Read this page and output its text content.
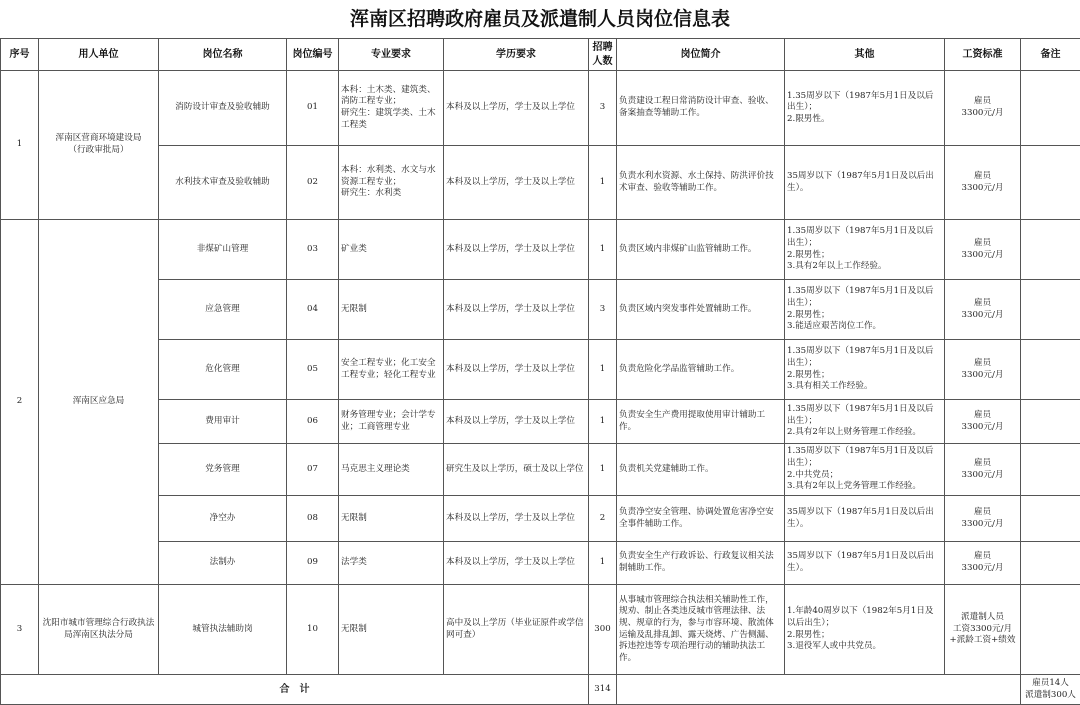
浑南区招聘政府雇员及派遣制人员岗位信息表
序号	用人单位	岗位名称	岗位编号	专业要求	学历要求	招聘人数	岗位简介	其他	工资标准	备注
1	浑南区营商环境建设局
（行政审批局）	消防设计审查及验收辅助	01	本科：土木类、建筑类、消防工程专业；
研究生：建筑学类、土木工程类	本科及以上学历，学士及以上学位	3	负责建设工程日常消防设计审查、验收、备案抽查等辅助工作。	1.35周岁以下（1987年5月1日及以后出生）；
2.限男性。	雇员
3300元/月	

		水利技术审查及验收辅助	02	本科：水利类、水文与水资源工程专业；
研究生：水利类	本科及以上学历，学士及以上学位	1	负责水利水资源、水土保持、防洪评价技术审查、验收等辅助工作。	35周岁以下（1987年5月1日及以后出生）。	雇员
3300元/月	

2	浑南区应急局	非煤矿山管理	03	矿业类	本科及以上学历，学士及以上学位	1	负责区域内非煤矿山监管辅助工作。	1.35周岁以下（1987年5月1日及以后出生）；
2.限男性；
3.具有2年以上工作经验。	雇员
3300元/月	

		应急管理	04	无限制	本科及以上学历，学士及以上学位	3	负责区域内突发事件处置辅助工作。	1.35周岁以下（1987年5月1日及以后出生）；
2.限男性；
3.能适应艰苦岗位工作。	雇员
3300元/月	

		危化管理	05	安全工程专业；化工安全工程专业；轻化工程专业	本科及以上学历，学士及以上学位	1	负责危险化学品监管辅助工作。	1.35周岁以下（1987年5月1日及以后出生）；
2.限男性；
3.具有相关工作经验。	雇员
3300元/月	

		费用审计	06	财务管理专业；会计学专业；工商管理专业	本科及以上学历，学士及以上学位	1	负责安全生产费用提取使用审计辅助工作。	1.35周岁以下（1987年5月1日及以后出生）；
2.具有2年以上财务管理工作经验。	雇员
3300元/月	

		党务管理	07	马克思主义理论类	研究生及以上学历，硕士及以上学位	1	负责机关党建辅助工作。	1.35周岁以下（1987年5月1日及以后出生）；
2.中共党员；
3.具有2年以上党务管理工作经验。	雇员
3300元/月	

		净空办	08	无限制	本科及以上学历，学士及以上学位	2	负责净空安全管理、协调处置危害净空安全事件辅助工作。	35周岁以下（1987年5月1日及以后出生）。	雇员
3300元/月	

		法制办	09	法学类	本科及以上学历，学士及以上学位	1	负责安全生产行政诉讼、行政复议相关法制辅助工作。	35周岁以下（1987年5月1日及以后出生）。	雇员
3300元/月	

3	沈阳市城市管理综合行政执法局浑南区执法分局	城管执法辅助岗	10	无限制	高中及以上学历（毕业证原件或学信网可查）	300	从事城市管理综合执法相关辅助性工作，规劝、制止各类违反城市管理法律、法规、规章的行为，参与市容环境、散流体运输及乱排乱卸、露天烧烤、广告侧漏、拆违控违等专项治理行动的辅助执法工作。	1.年龄40周岁以下（1982年5月1日及以后出生）；
2.限男性；
3.退役军人或中共党员。	派遣制人员
工资3300元/月+派龄工资+绩效	

合　计						314				雇员14人
派遣制300人
